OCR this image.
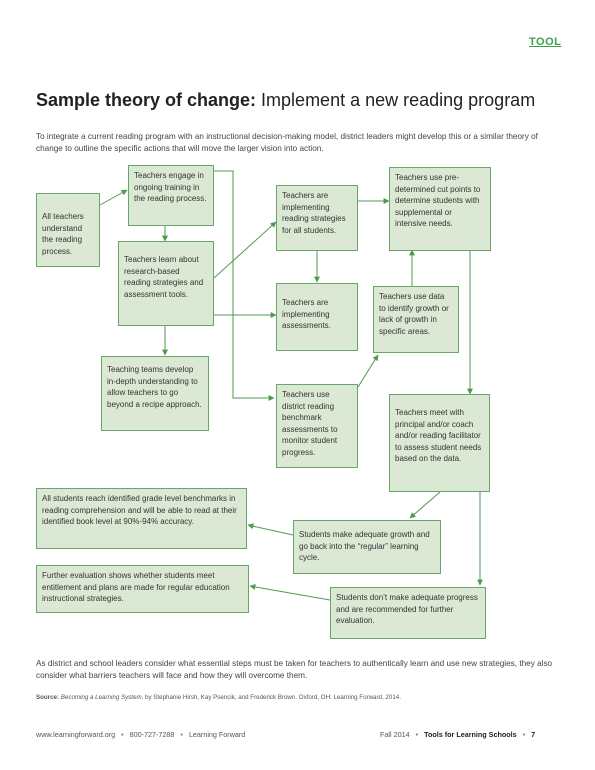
TOOL
Sample theory of change: Implement a new reading program
To integrate a current reading program with an instructional decision-making model, district leaders might develop this or a similar theory of change to outline the specific actions that will move the larger vision into action.
All teachers understand the reading process.
Teachers engage in ongoing training in the reading process.
Teachers learn about research-based reading strategies and assessment tools.
Teaching teams develop in-depth understanding to allow teachers to go beyond a recipe approach.
Teachers are implementing reading strategies for all students.
Teachers are implementing assessments.
Teachers use district reading benchmark assessments to monitor student progress.
Teachers use pre-determined cut points to determine students with supplemental or intensive needs.
Teachers use data to identify growth or lack of growth in specific areas.
Teachers meet with principal and/or coach and/or reading facilitator to assess student needs based on the data.
All students reach identified grade level benchmarks in reading comprehension and will be able to read at their identified book level at 90%-94% accuracy.
Students make adequate growth and go back into the “regular” learning cycle.
Further evaluation shows whether students meet entitlement and plans are made for regular education instructional strategies.	Students don’t make adequate progress and are recommended for further evaluation.
As district and school leaders consider what essential steps must be taken for teachers to authentically learn and use new strategies, they also consider what barriers teachers will face and how they will overcome them.
Source: Becoming a Learning System, by Stephanie Hirsh, Kay Psencik, and Frederick Brown. Oxford, OH: Learning Forward, 2014.
www.learningforward.org • 800-727-7288 • Learning Forward	Fall 2014 • Tools for Learning Schools • 7
